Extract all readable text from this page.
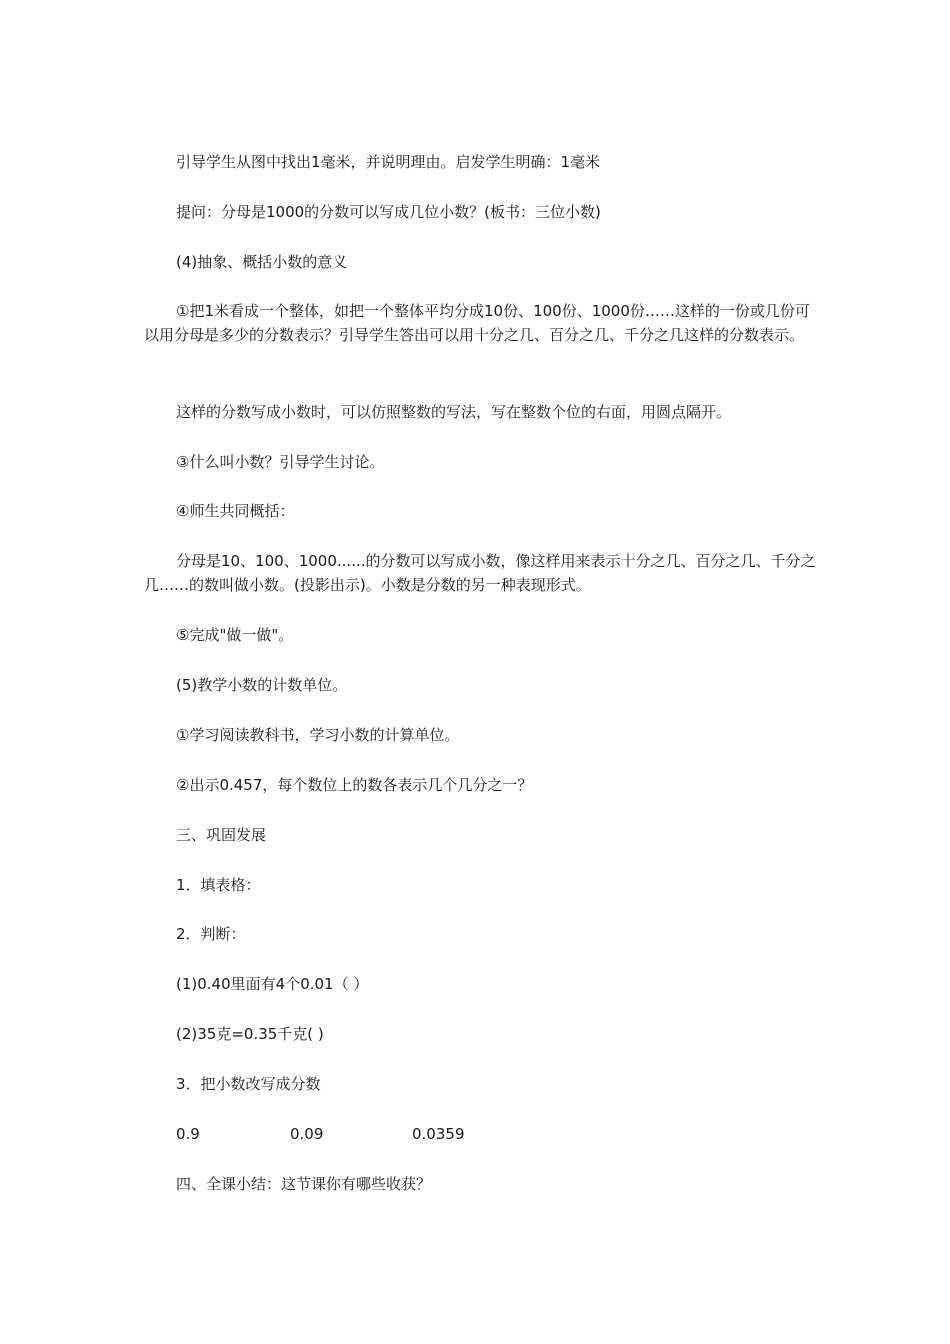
引导学生从图中找出1毫米，并说明理由。启发学生明确：1毫米

提问：分母是1000的分数可以写成几位小数？(板书：三位小数)

(4)抽象、概括小数的意义

①把1米看成一个整体，如把一个整体平均分成10份、100份、1000份……这样的一份或几份可以用分母是多少的分数表示？引导学生答出可以用十分之几、百分之几、千分之几这样的分数表示。

这样的分数写成小数时，可以仿照整数的写法，写在整数个位的右面，用圆点隔开。

③什么叫小数？引导学生讨论。

④师生共同概括：

分母是10、100、1000......的分数可以写成小数，像这样用来表示十分之几、百分之几、千分之几……的数叫做小数。(投影出示)。小数是分数的另一种表现形式。

⑤完成"做一做"。

(5)教学小数的计数单位。

①学习阅读教科书，学习小数的计算单位。

②出示0.457，每个数位上的数各表示几个几分之一？

三、巩固发展

1．填表格：

2．判断：

(1)0.40里面有4个0.01（ ）

(2)35克=0.35千克( )

3．把小数改写成分数

0.9	0.09	0.0359

四、全课小结：这节课你有哪些收获？
